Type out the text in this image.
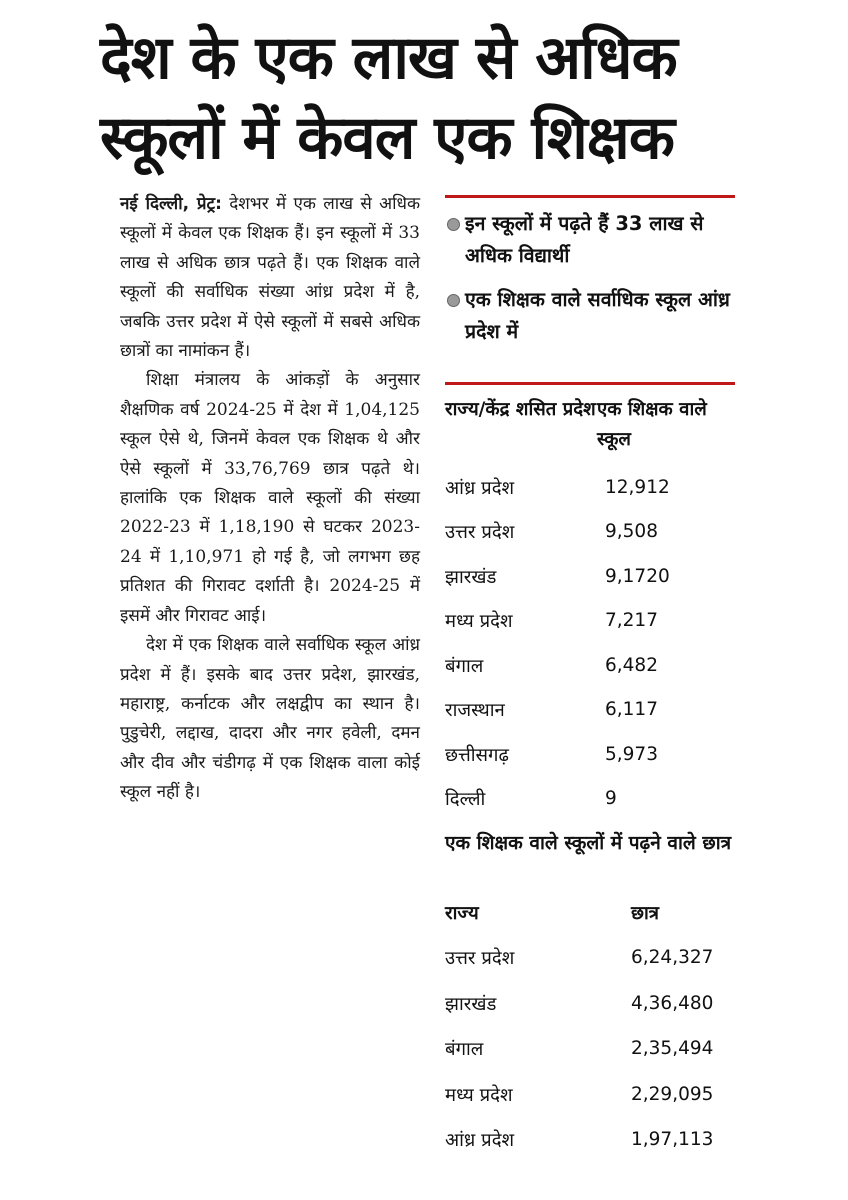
देश के एक लाख से अधिक
स्कूलों में केवल एक शिक्षक

नई दिल्ली, प्रेट्र: देशभर में एक लाख से अधिक स्कूलों में केवल एक शिक्षक हैं। इन स्कूलों में 33 लाख से अधिक छात्र पढ़ते हैं। एक शिक्षक वाले स्कूलों की सर्वाधिक संख्या आंध्र प्रदेश में है, जबकि उत्तर प्रदेश में ऐसे स्कूलों में सबसे अधिक छात्रों का नामांकन हैं।

शिक्षा मंत्रालय के आंकड़ों के अनुसार शैक्षणिक वर्ष 2024-25 में देश में 1,04,125 स्कूल ऐसे थे, जिनमें केवल एक शिक्षक थे और ऐसे स्कूलों में 33,76,769 छात्र पढ़ते थे। हालांकि एक शिक्षक वाले स्कूलों की संख्या 2022-23 में 1,18,190 से घटकर 2023-24 में 1,10,971 हो गई है, जो लगभग छह प्रतिशत की गिरावट दर्शाती है। 2024-25 में इसमें और गिरावट आई।

देश में एक शिक्षक वाले सर्वाधिक स्कूल आंध्र प्रदेश में हैं। इसके बाद उत्तर प्रदेश, झारखंड, महाराष्ट्र, कर्नाटक और लक्षद्वीप का स्थान है। पुडुचेरी, लद्दाख, दादरा और नगर हवेली, दमन और दीव और चंडीगढ़ में एक शिक्षक वाला कोई स्कूल नहीं है।

इन स्कूलों में पढ़ते हैं 33 लाख से अधिक विद्यार्थी
एक शिक्षक वाले सर्वाधिक स्कूल आंध्र प्रदेश में
राज्य/केंद्र शसित प्रदेश एक शिक्षक वाले स्कूल
आंध्र प्रदेश	12,912
उत्तर प्रदेश	9,508
झारखंड	9,1720
मध्य प्रदेश	7,217
बंगाल	6,482
राजस्थान	6,117
छत्तीसगढ़	5,973
दिल्ली	9
एक शिक्षक वाले स्कूलों में पढ़ने वाले छात्र
राज्य	छात्र
उत्तर प्रदेश	6,24,327
झारखंड	4,36,480
बंगाल	2,35,494
मध्य प्रदेश	2,29,095
आंध्र प्रदेश	1,97,113
